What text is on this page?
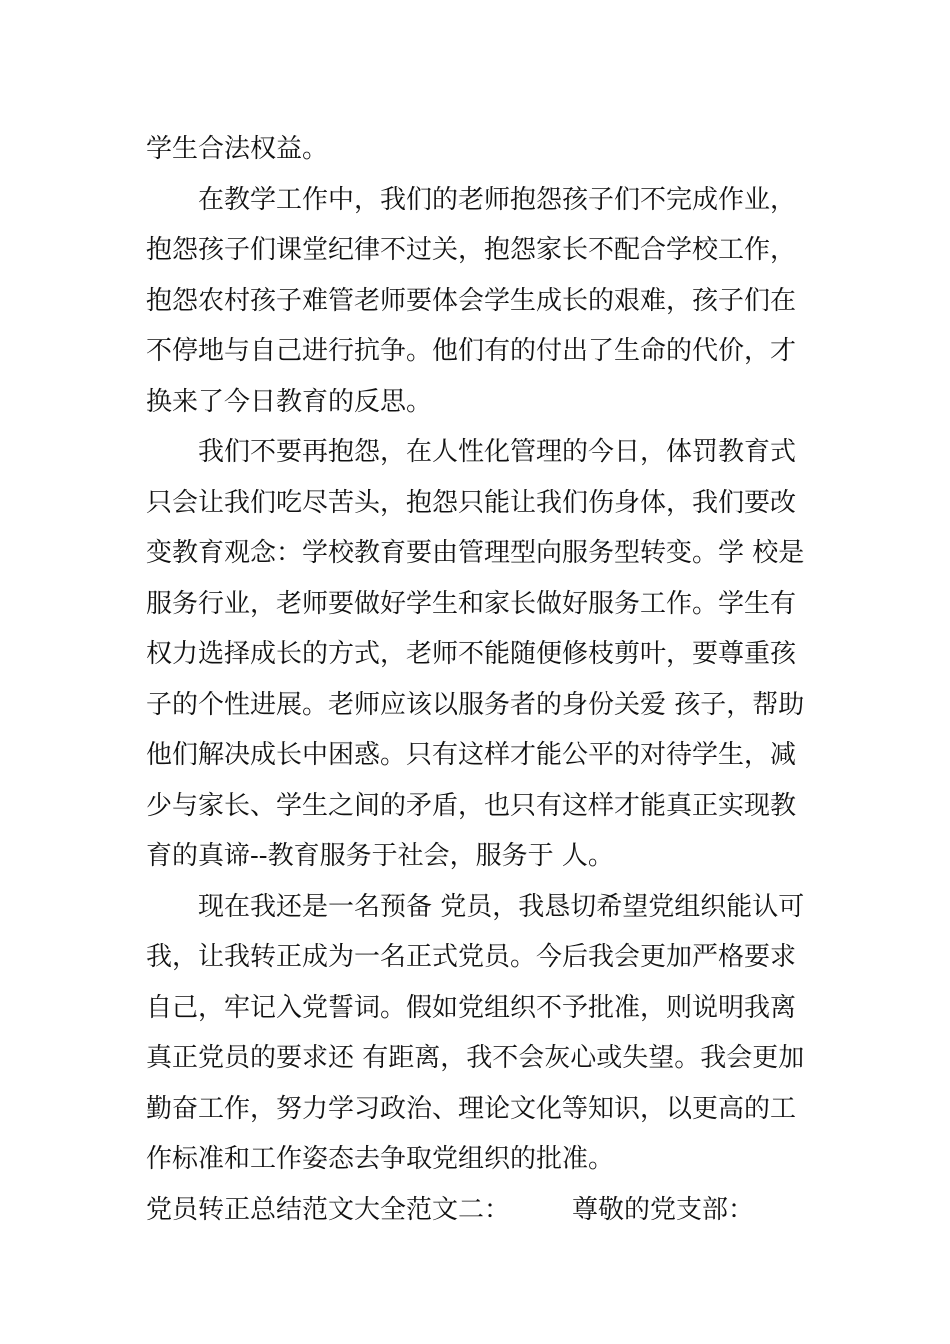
学生合法权益。
在教学工作中，我们的老师抱怨孩子们不完成作业，
抱怨孩子们课堂纪律不过关，抱怨家长不配合学校工作，
抱怨农村孩子难管老师要体会学生成长的艰难，孩子们在
不停地与自己进行抗争。他们有的付出了生命的代价，才
换来了今日教育的反思。
我们不要再抱怨，在人性化管理的今日，体罚教育式
只会让我们吃尽苦头，抱怨只能让我们伤身体，我们要改
变教育观念：学校教育要由管理型向服务型转变。学 校是
服务行业，老师要做好学生和家长做好服务工作。学生有
权力选择成长的方式，老师不能随便修枝剪叶，要尊重孩
子的个性进展。老师应该以服务者的身份关爱 孩子，帮助
他们解决成长中困惑。只有这样才能公平的对待学生，减
少与家长、学生之间的矛盾，也只有这样才能真正实现教
育的真谛--教育服务于社会，服务于 人。
现在我还是一名预备 党员，我恳切希望党组织能认可
我，让我转正成为一名正式党员。今后我会更加严格要求
自己，牢记入党誓词。假如党组织不予批准，则说明我离
真正党员的要求还 有距离，我不会灰心或失望。我会更加
勤奋工作，努力学习政治、理论文化等知识，以更高的工
作标准和工作姿态去争取党组织的批准。
党员转正总结范文大全范文二： 尊敬的党支部：
